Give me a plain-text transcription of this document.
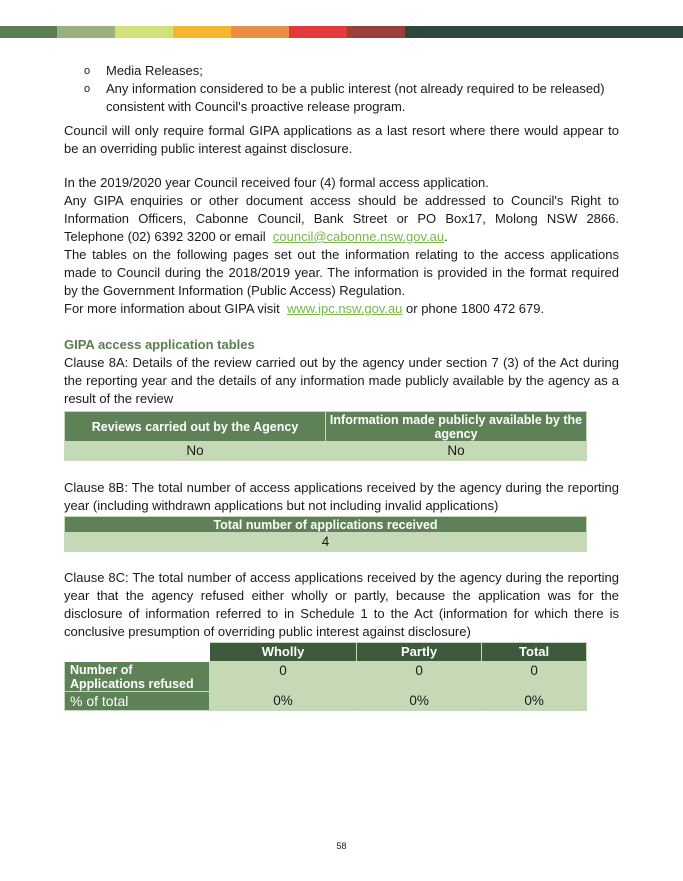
o Media Releases;
o Any information considered to be a public interest (not already required to be released) consistent with Council's proactive release program.

Council will only require formal GIPA applications as a last resort where there would appear to be an overriding public interest against disclosure.

In the 2019/2020 year Council received four (4) formal access application.

Any GIPA enquiries or other document access should be addressed to Council's Right to Information Officers, Cabonne Council, Bank Street or PO Box17, Molong NSW 2866. Telephone (02) 6392 3200 or email council@cabonne.nsw.gov.au.

The tables on the following pages set out the information relating to the access applications made to Council during the 2018/2019 year. The information is provided in the format required by the Government Information (Public Access) Regulation.

For more information about GIPA visit www.ipc.nsw.gov.au or phone 1800 472 679.

GIPA access application tables

Clause 8A: Details of the review carried out by the agency under section 7 (3) of the Act during the reporting year and the details of any information made publicly available by the agency as a result of the review

Reviews carried out by the Agency	Information made publicly available by the agency
No	No

Clause 8B: The total number of access applications received by the agency during the reporting year (including withdrawn applications but not including invalid applications)

Total number of applications received
4

Clause 8C: The total number of access applications received by the agency during the reporting year that the agency refused either wholly or partly, because the application was for the disclosure of information referred to in Schedule 1 to the Act (information for which there is conclusive presumption of overriding public interest against disclosure)

	Wholly	Partly	Total
Number of Applications refused	0	0	0
% of total	0%	0%	0%
58
